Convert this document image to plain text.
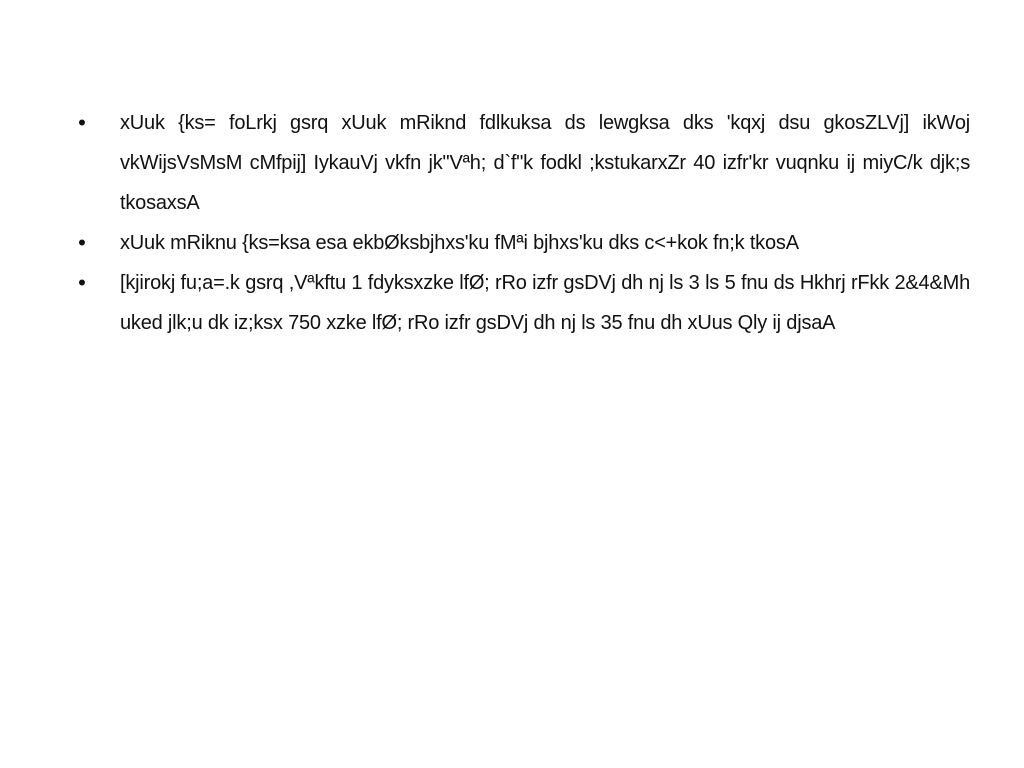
•	xUuk {ks= foLrkj gsrq xUuk mRiknd fdlkuksa ds lewgksa dks 'kqxj dsu gkosZLVj] ikWoj vkWijsVsMsM cMfpij] IykauVj vkfn jk"Vªh; d`f"k fodkl ;kstukarxZr 40 izfr'kr vuqnku ij miyC/k djk;s tkosaxsA
•	xUuk mRiknu {ks=ksa esa ekbØksbjhxs'ku fMªi bjhxs'ku dks c<+kok fn;k tkosA
•	[kjirokj fu;a=.k gsrq ,Vªkftu 1 fdyksxzke lfØ; rRo izfr gsDVj dh nj ls 3 ls 5 fnu ds Hkhrj rFkk 2&4&Mh uked jlk;u dk iz;ksx 750 xzke lfØ; rRo izfr gsDVj dh nj ls 35 fnu dh xUus Qly ij djsaA
